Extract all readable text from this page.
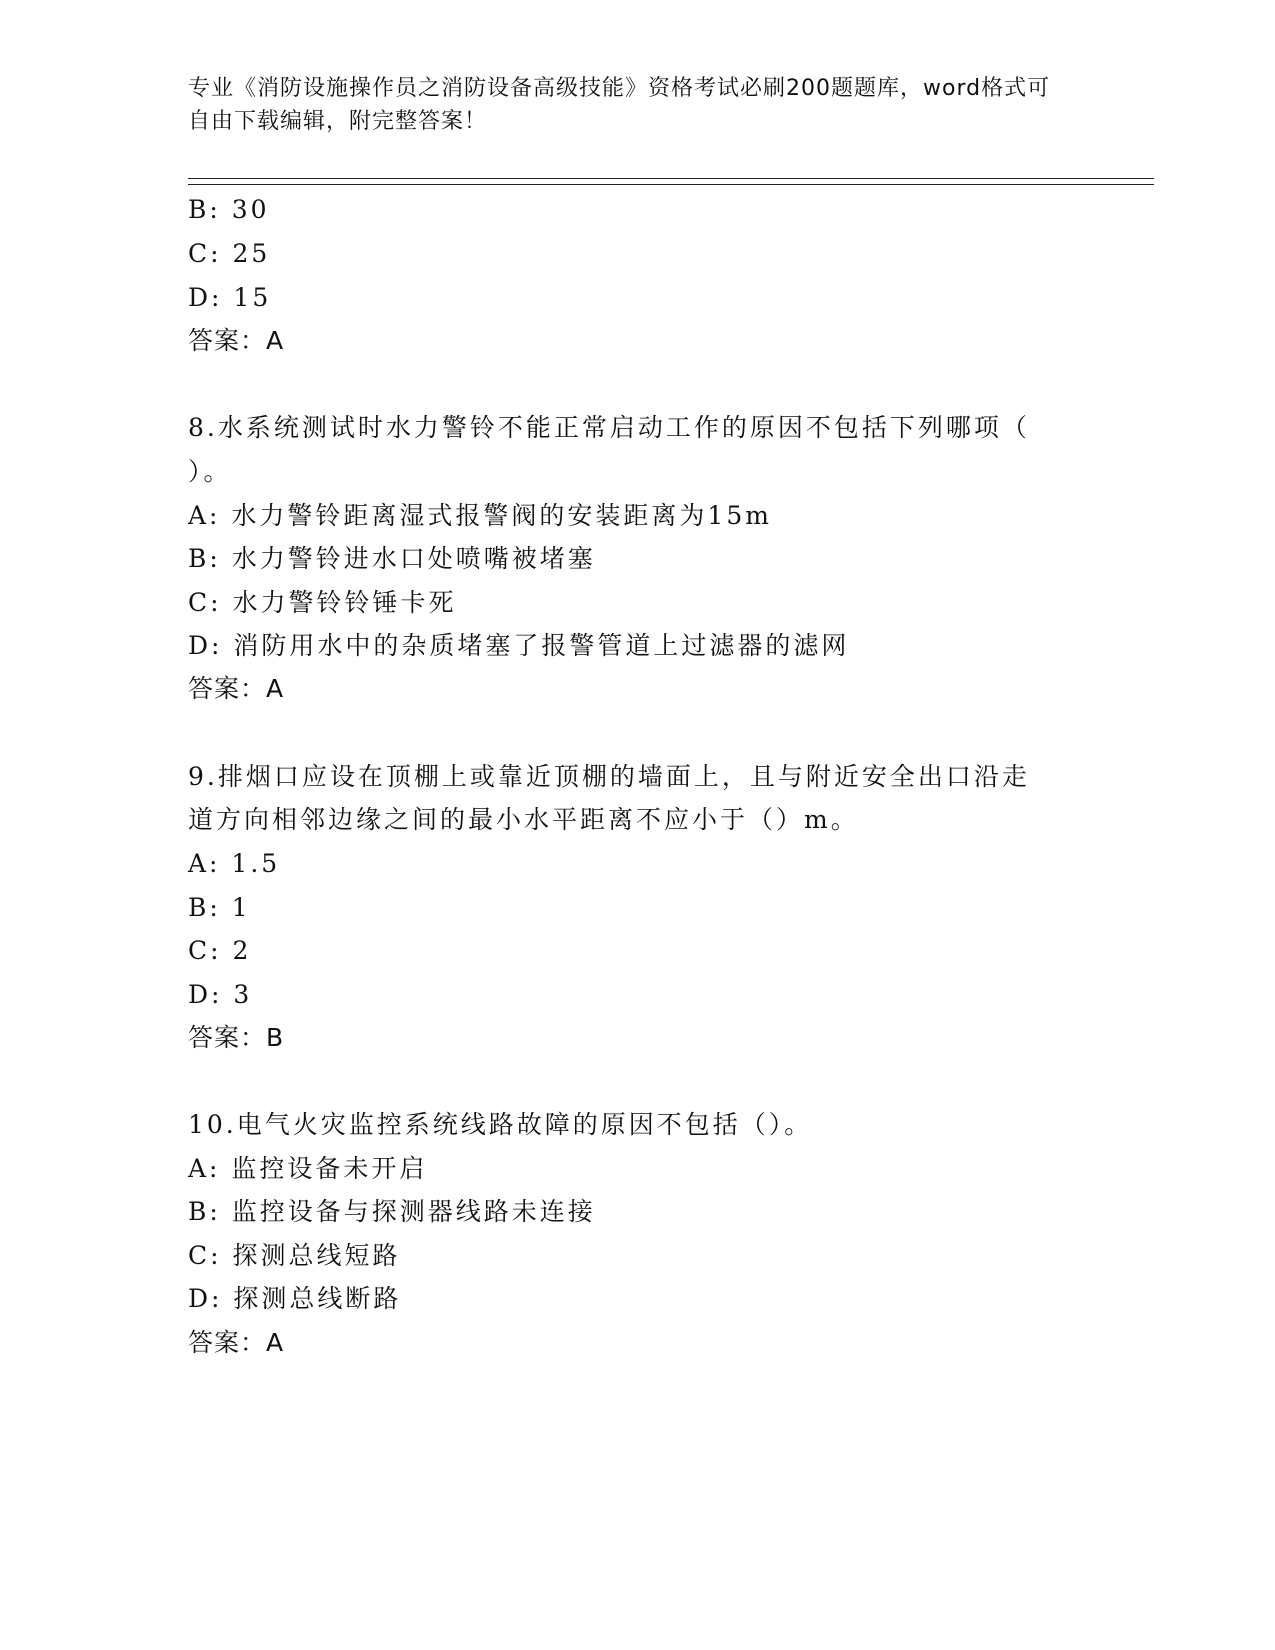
专业《消防设施操作员之消防设备高级技能》资格考试必刷200题题库，word格式可自由下载编辑，附完整答案！
B: 30
C: 25
D: 15
答案：A
8.水系统测试时水力警铃不能正常启动工作的原因不包括下列哪项（
）。
A: 水力警铃距离湿式报警阀的安装距离为15m
B: 水力警铃进水口处喷嘴被堵塞
C: 水力警铃铃锤卡死
D: 消防用水中的杂质堵塞了报警管道上过滤器的滤网
答案：A
9.排烟口应设在顶棚上或靠近顶棚的墙面上，且与附近安全出口沿走
道方向相邻边缘之间的最小水平距离不应小于（）m。
A: 1.5
B: 1
C: 2
D: 3
答案：B
10.电气火灾监控系统线路故障的原因不包括（）。
A: 监控设备未开启
B: 监控设备与探测器线路未连接
C: 探测总线短路
D: 探测总线断路
答案：A
